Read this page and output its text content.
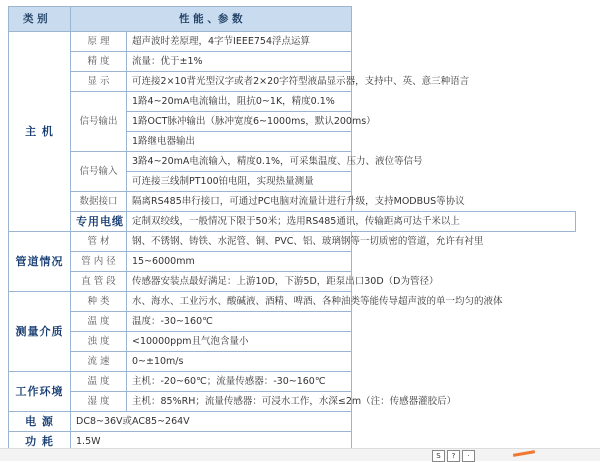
类 别	性 能 、参 数	
主 机	原 理	超声波时差原理，4字节IEEE754浮点运算
	精 度	流量：优于±1%
	显 示	可连接2×10背光型汉字或者2×20字符型液晶显示器，支持中、英、意三种语言
	信号输出	1路4~20mA电流输出，阻抗0~1K，精度0.1%
		1路OCT脉冲输出（脉冲宽度6~1000ms，默认200ms）
		1路继电器输出
	信号输入	3路4~20mA电流输入，精度0.1%，可采集温度、压力、液位等信号
		可连接三线制PT100铂电阻，实现热量测量
	数据接口	隔离RS485串行接口，可通过PC电脑对流量计进行升级，支持MODBUS等协议
	专用电缆	定制双绞线，一般情况下限于50米；选用RS485通讯，传输距离可达千米以上
管道情况	管 材	钢、不锈钢、铸铁、水泥管、铜、PVC、铝、玻璃钢等一切质密的管道，允许有衬里
	管 内 径	15~6000mm
	直 管 段	传感器安装点最好满足：上游10D，下游5D，距泵出口30D（D为管径）
测量介质	种 类	水、海水、工业污水、酸碱液、酒精、啤酒、各种油类等能传导超声波的单一均匀的液体
	温 度	温度：-30~160℃
	浊 度	<10000ppm且气泡含量小
	流 速	0~±10m/s
工作环境	温 度	主机：-20~60℃；流量传感器：-30~160℃
	湿 度	主机：85%RH；流量传感器：可浸水工作，水深≤2m（注：传感器灌胶后）
电 源	DC8~36V或AC85~264V	
功 耗	1.5W	
S	?	·
